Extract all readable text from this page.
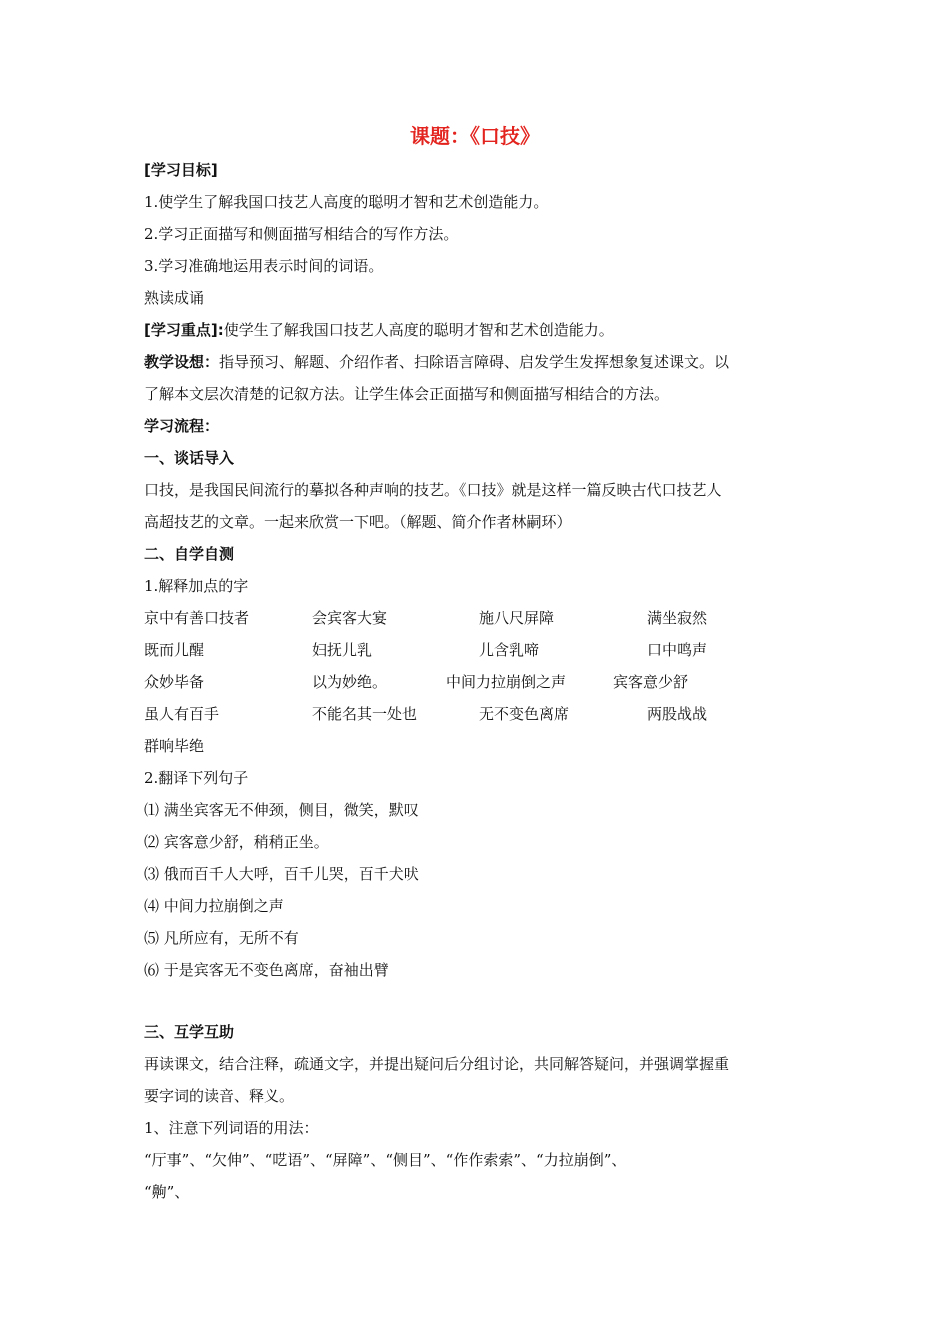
课题：《口技》
[学习目标]
1.使学生了解我国口技艺人高度的聪明才智和艺术创造能力。
2.学习正面描写和侧面描写相结合的写作方法。
3.学习准确地运用表示时间的词语。
熟读成诵
[学习重点]:使学生了解我国口技艺人高度的聪明才智和艺术创造能力。
教学设想：指导预习、解题、介绍作者、扫除语言障碍、启发学生发挥想象复述课文。以
了解本文层次清楚的记叙方法。让学生体会正面描写和侧面描写相结合的方法。
学习流程：
一、谈话导入
口技，是我国民间流行的摹拟各种声响的技艺。《口技》就是这样一篇反映古代口技艺人
高超技艺的文章。一起来欣赏一下吧。（解题、简介作者林嗣环）
二、自学自测
1.解释加点的字
京中有善口技者	会宾客大宴	施八尺屏障	满坐寂然
既而儿醒	妇抚儿乳	儿含乳啼	口中鸣声
众妙毕备	以为妙绝。	中间力拉崩倒之声	宾客意少舒
虽人有百手	不能名其一处也	无不变色离席	两股战战
群响毕绝
2.翻译下列句子
⑴ 满坐宾客无不伸颈，侧目，微笑，默叹
⑵ 宾客意少舒，稍稍正坐。
⑶ 俄而百千人大呼，百千儿哭，百千犬吠
⑷ 中间力拉崩倒之声
⑸ 凡所应有，无所不有
⑹ 于是宾客无不变色离席，奋袖出臂
三、互学互助
再读课文，结合注释，疏通文字，并提出疑问后分组讨论，共同解答疑问，并强调掌握重
要字词的读音、释义。
1、注意下列词语的用法：
“厅事”、“欠伸”、“呓语”、“屏障”、“侧目”、“作作索索”、“力拉崩倒”、
“齁”、
